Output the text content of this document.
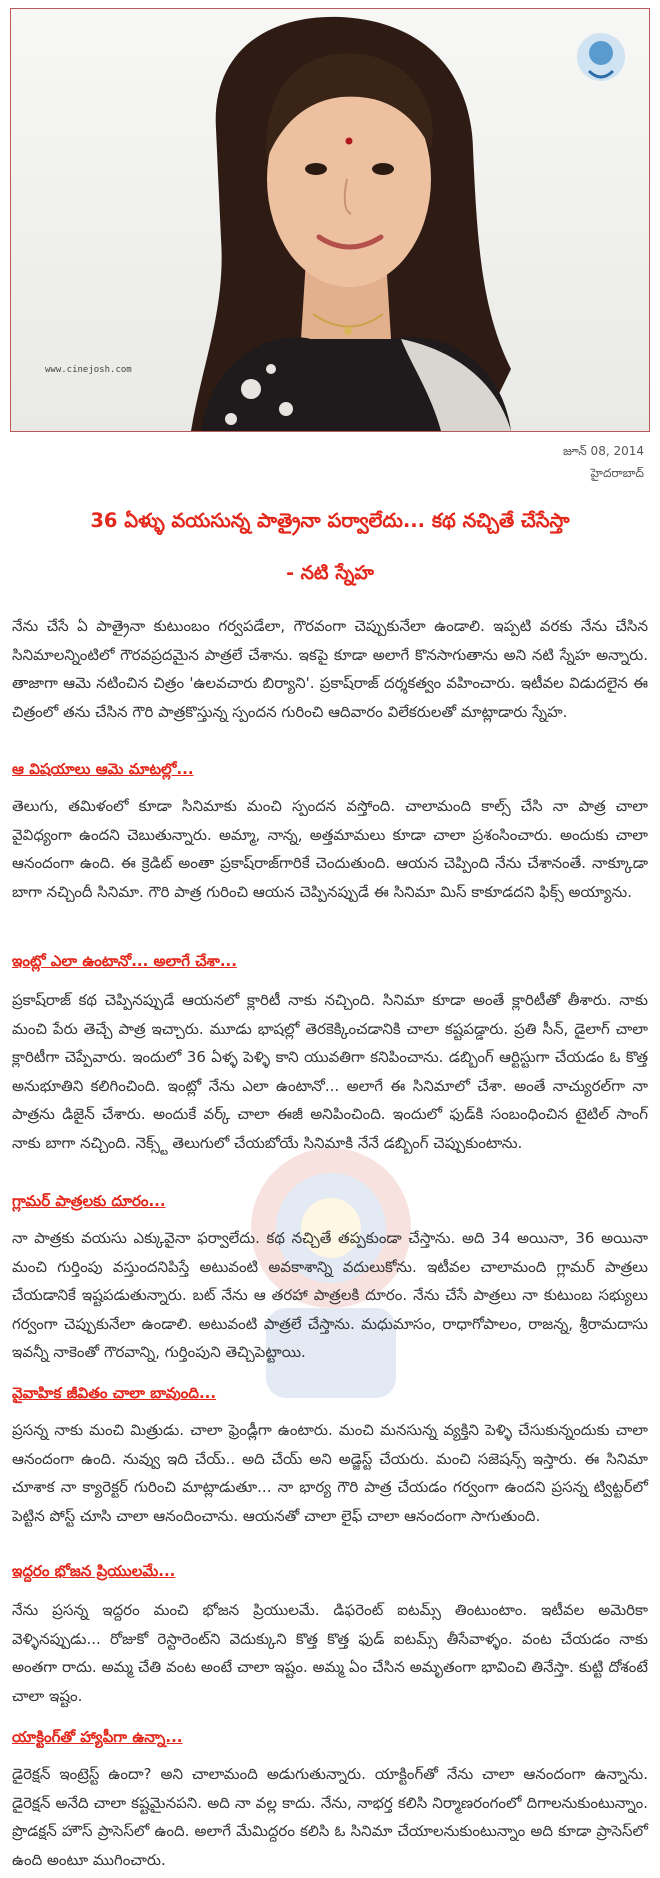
www.cinejosh.com
జూన్ 08, 2014
హైదరాబాద్
36 ఏళ్ళు వయసున్న పాత్రైనా పర్వాలేదు... కథ నచ్చితే చేసేస్తా
- నటి స్నేహ
నేను చేసే ఏ పాత్రైనా కుటుంబం గర్వపడేలా, గౌరవంగా చెప్పుకునేలా ఉండాలి. ఇప్పటి వరకు నేను చేసిన సినిమాలన్నింటిలో గౌరవప్రదమైన పాత్రలే చేశాను. ఇకపై కూడా అలాగే కొనసాగుతాను అని నటి స్నేహ అన్నారు. తాజాగా ఆమె నటించిన చిత్రం 'ఉలవచారు బిర్యాని'. ప్రకాష్‌రాజ్ దర్శకత్వం వహించారు. ఇటీవల విడుదలైన ఈ చిత్రంలో తను చేసిన గౌరి పాత్రకొస్తున్న స్పందన గురించి ఆదివారం విలేకరులతో మాట్లాడారు స్నేహ.
ఆ విషయాలు ఆమె మాటల్లో...
తెలుగు, తమిళంలో కూడా సినిమాకు మంచి స్పందన వస్తోంది. చాలామంది కాల్స్ చేసి నా పాత్ర చాలా వైవిధ్యంగా ఉందని చెబుతున్నారు. అమ్మా, నాన్న, అత్తమామలు కూడా చాలా ప్రశంసించారు. అందుకు చాలా ఆనందంగా ఉంది. ఈ క్రెడిట్ అంతా ప్రకాష్‌రాజ్‌గారికే చెందుతుంది. ఆయన చెప్పింది నేను చేశానంతే. నాక్కూడా బాగా నచ్చిందీ సినిమా. గౌరి పాత్ర గురించి ఆయన చెప్పినప్పుడే ఈ సినిమా మిస్ కాకూడదని ఫిక్స్ అయ్యాను.
ఇంట్లో ఎలా ఉంటానో... అలాగే చేశా...
ప్రకాష్‌రాజ్ కథ చెప్పినప్పుడే ఆయనలో క్లారిటీ నాకు నచ్చింది. సినిమా కూడా అంతే క్లారిటీతో తీశారు. నాకు మంచి పేరు తెచ్చే పాత్ర ఇచ్చారు. మూడు భాషల్లో తెరకెక్కించడానికి చాలా కష్టపడ్డారు. ప్రతి సీన్, డైలాగ్ చాలా క్లారిటీగా చెప్పేవారు. ఇందులో 36 ఏళ్ళ పెళ్ళి కాని యువతిగా కనిపించాను. డబ్బింగ్ ఆర్టిస్టుగా చేయడం ఓ కొత్త అనుభూతిని కలిగించింది. ఇంట్లో నేను ఎలా ఉంటానో... అలాగే ఈ సినిమాలో చేశా. అంతే నాచ్యురల్‌గా నా పాత్రను డిజైన్ చేశారు. అందుకే వర్క్ చాలా ఈజీ అనిపించింది. ఇందులో ఫుడ్‌కి సంబంధించిన టైటిల్ సాంగ్ నాకు బాగా నచ్చింది. నెక్స్ట్ తెలుగులో చేయబోయే సినిమాకి నేనే డబ్బింగ్ చెప్పుకుంటాను.
గ్లామర్ పాత్రలకు దూరం...
నా పాత్రకు వయసు ఎక్కువైనా ఫర్వాలేదు. కథ నచ్చితే తప్పకుండా చేస్తాను. అది 34 అయినా, 36 అయినా మంచి గుర్తింపు వస్తుందనిపిస్తే అటువంటి అవకాశాన్ని వదులుకోను. ఇటీవల చాలామంది గ్లామర్ పాత్రలు చేయడానికే ఇష్టపడుతున్నారు. బట్ నేను ఆ తరహా పాత్రలకి దూరం. నేను చేసే పాత్రలు నా కుటుంబ సభ్యులు గర్వంగా చెప్పుకునేలా ఉండాలి. అటువంటి పాత్రలే చేస్తాను. మధుమాసం, రాధాగోపాలం, రాజన్న, శ్రీరామదాసు ఇవన్నీ నాకెంతో గౌరవాన్ని, గుర్తింపుని తెచ్చిపెట్టాయి.
వైవాహిక జీవితం చాలా బావుంది...
ప్రసన్న నాకు మంచి మిత్రుడు. చాలా ఫ్రెండ్లీగా ఉంటారు. మంచి మనసున్న వ్యక్తిని పెళ్ళి చేసుకున్నందుకు చాలా ఆనందంగా ఉంది. నువ్వు ఇది చేయ్.. అది చేయ్ అని అడ్జెస్ట్ చేయరు. మంచి సజెషన్స్ ఇస్తారు. ఈ సినిమా చూశాక నా క్యారెక్టర్ గురించి మాట్లాడుతూ... నా భార్య గౌరి పాత్ర చేయడం గర్వంగా ఉందని ప్రసన్న ట్విట్టర్‌లో పెట్టిన పోస్ట్ చూసి చాలా ఆనందించాను. ఆయనతో చాలా లైఫ్ చాలా ఆనందంగా సాగుతుంది.
ఇద్దరం భోజన ప్రియులమే...
నేను ప్రసన్న ఇద్దరం మంచి భోజన ప్రియులమే. డిఫరెంట్ ఐటమ్స్ తింటుంటాం. ఇటీవల అమెరికా వెళ్ళినప్పుడు... రోజుకో రెస్టారెంట్‌ని వెదుక్కుని కొత్త కొత్త ఫుడ్ ఐటమ్స్ తీసేవాళ్ళం. వంట చేయడం నాకు అంతగా రాదు. అమ్మ చేతి వంట అంటే చాలా ఇష్టం. అమ్మ ఏం చేసిన అమృతంగా భావించి తినేస్తా. కుట్టి దోశంటే చాలా ఇష్టం.
యాక్టింగ్‌తో హ్యాపీగా ఉన్నా...
డైరెక్షన్ ఇంట్రెస్ట్ ఉందా? అని చాలామంది అడుగుతున్నారు. యాక్టింగ్‌తో నేను చాలా ఆనందంగా ఉన్నాను. డైరెక్షన్ అనేది చాలా కష్టమైనపని. అది నా వల్ల కాదు. నేను, నాభర్త కలిసి నిర్మాణరంగంలో దిగాలనుకుంటున్నాం. ప్రొడక్షన్ హౌస్ ప్రాసెస్‌లో ఉంది. అలాగే మేమిద్దరం కలిసి ఓ సినిమా చేయాలనుకుంటున్నాం అది కూడా ప్రాసెస్‌లో ఉంది అంటూ ముగించారు.
